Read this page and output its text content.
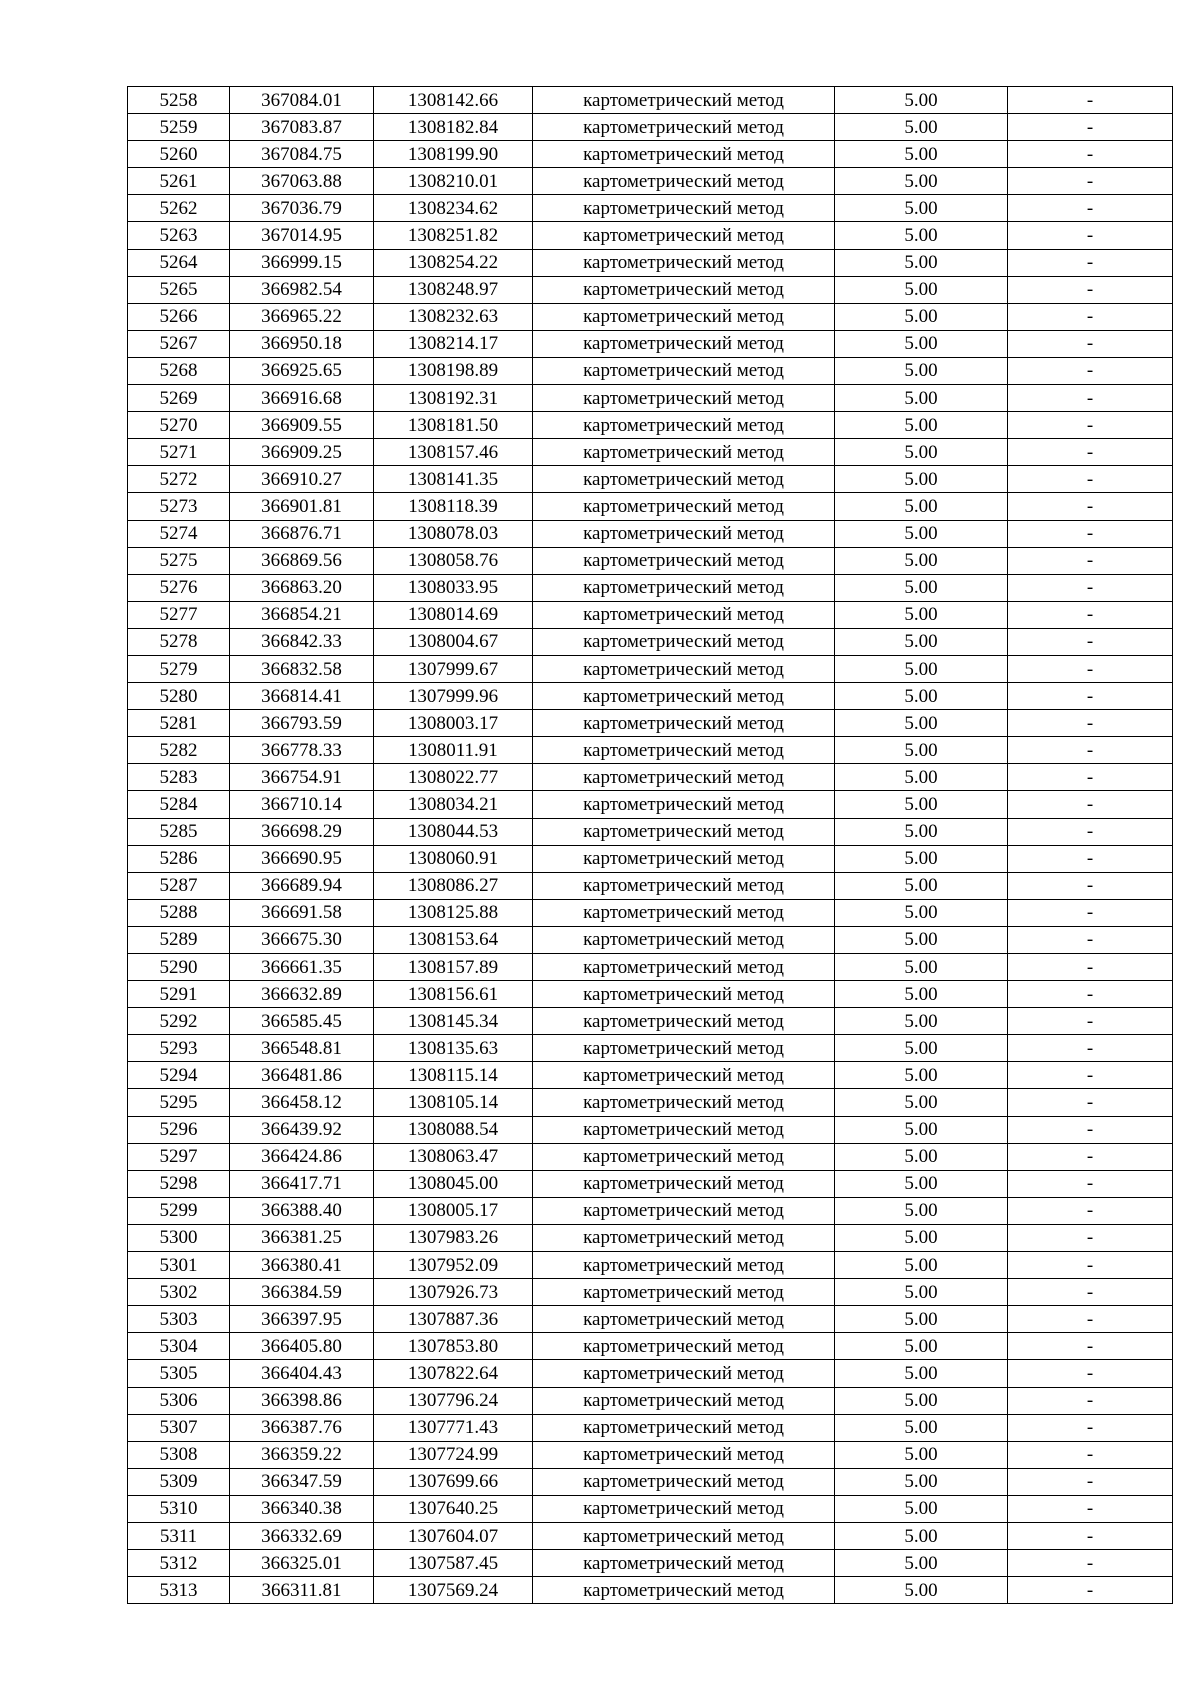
5258	367084.01	1308142.66	картометрический метод	5.00	-
5259	367083.87	1308182.84	картометрический метод	5.00	-
5260	367084.75	1308199.90	картометрический метод	5.00	-
5261	367063.88	1308210.01	картометрический метод	5.00	-
5262	367036.79	1308234.62	картометрический метод	5.00	-
5263	367014.95	1308251.82	картометрический метод	5.00	-
5264	366999.15	1308254.22	картометрический метод	5.00	-
5265	366982.54	1308248.97	картометрический метод	5.00	-
5266	366965.22	1308232.63	картометрический метод	5.00	-
5267	366950.18	1308214.17	картометрический метод	5.00	-
5268	366925.65	1308198.89	картометрический метод	5.00	-
5269	366916.68	1308192.31	картометрический метод	5.00	-
5270	366909.55	1308181.50	картометрический метод	5.00	-
5271	366909.25	1308157.46	картометрический метод	5.00	-
5272	366910.27	1308141.35	картометрический метод	5.00	-
5273	366901.81	1308118.39	картометрический метод	5.00	-
5274	366876.71	1308078.03	картометрический метод	5.00	-
5275	366869.56	1308058.76	картометрический метод	5.00	-
5276	366863.20	1308033.95	картометрический метод	5.00	-
5277	366854.21	1308014.69	картометрический метод	5.00	-
5278	366842.33	1308004.67	картометрический метод	5.00	-
5279	366832.58	1307999.67	картометрический метод	5.00	-
5280	366814.41	1307999.96	картометрический метод	5.00	-
5281	366793.59	1308003.17	картометрический метод	5.00	-
5282	366778.33	1308011.91	картометрический метод	5.00	-
5283	366754.91	1308022.77	картометрический метод	5.00	-
5284	366710.14	1308034.21	картометрический метод	5.00	-
5285	366698.29	1308044.53	картометрический метод	5.00	-
5286	366690.95	1308060.91	картометрический метод	5.00	-
5287	366689.94	1308086.27	картометрический метод	5.00	-
5288	366691.58	1308125.88	картометрический метод	5.00	-
5289	366675.30	1308153.64	картометрический метод	5.00	-
5290	366661.35	1308157.89	картометрический метод	5.00	-
5291	366632.89	1308156.61	картометрический метод	5.00	-
5292	366585.45	1308145.34	картометрический метод	5.00	-
5293	366548.81	1308135.63	картометрический метод	5.00	-
5294	366481.86	1308115.14	картометрический метод	5.00	-
5295	366458.12	1308105.14	картометрический метод	5.00	-
5296	366439.92	1308088.54	картометрический метод	5.00	-
5297	366424.86	1308063.47	картометрический метод	5.00	-
5298	366417.71	1308045.00	картометрический метод	5.00	-
5299	366388.40	1308005.17	картометрический метод	5.00	-
5300	366381.25	1307983.26	картометрический метод	5.00	-
5301	366380.41	1307952.09	картометрический метод	5.00	-
5302	366384.59	1307926.73	картометрический метод	5.00	-
5303	366397.95	1307887.36	картометрический метод	5.00	-
5304	366405.80	1307853.80	картометрический метод	5.00	-
5305	366404.43	1307822.64	картометрический метод	5.00	-
5306	366398.86	1307796.24	картометрический метод	5.00	-
5307	366387.76	1307771.43	картометрический метод	5.00	-
5308	366359.22	1307724.99	картометрический метод	5.00	-
5309	366347.59	1307699.66	картометрический метод	5.00	-
5310	366340.38	1307640.25	картометрический метод	5.00	-
5311	366332.69	1307604.07	картометрический метод	5.00	-
5312	366325.01	1307587.45	картометрический метод	5.00	-
5313	366311.81	1307569.24	картометрический метод	5.00	-
